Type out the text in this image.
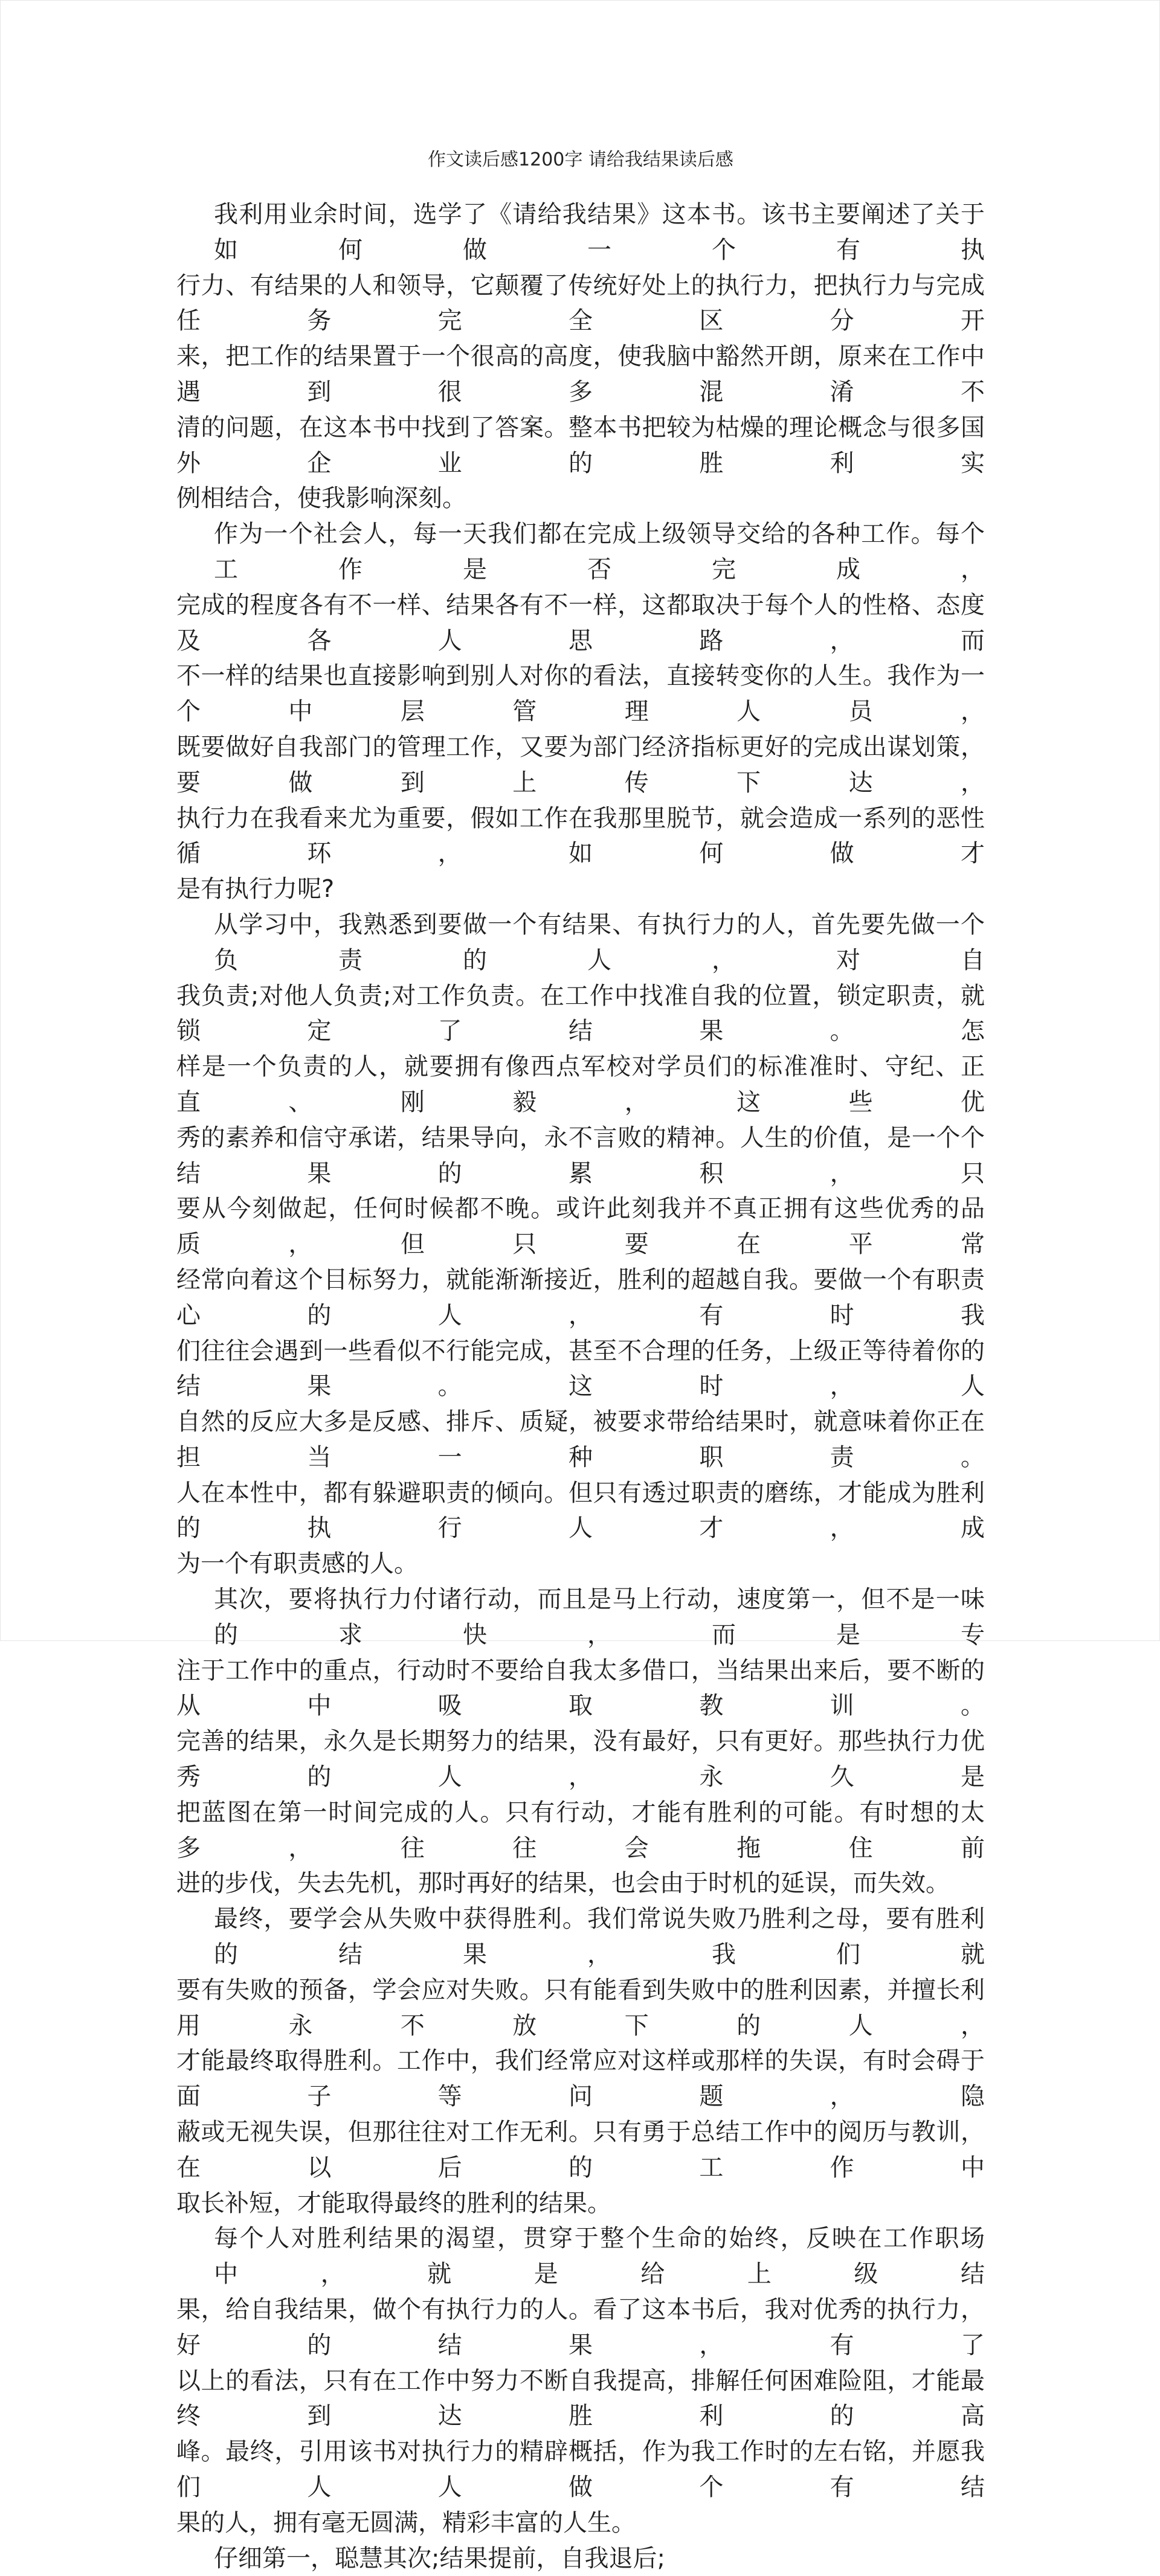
作文读后感1200字 请给我结果读后感
我利用业余时间，选学了《请给我结果》这本书。该书主要阐述了关于如何做一个有执
行力、有结果的人和领导，它颠覆了传统好处上的执行力，把执行力与完成任务完全区分开
来，把工作的结果置于一个很高的高度，使我脑中豁然开朗，原来在工作中遇到很多混淆不
清的问题，在这本书中找到了答案。整本书把较为枯燥的理论概念与很多国外企业的胜利实
例相结合，使我影响深刻。
作为一个社会人，每一天我们都在完成上级领导交给的各种工作。每个工作是否完成，
完成的程度各有不一样、结果各有不一样，这都取决于每个人的性格、态度及各人思路，而
不一样的结果也直接影响到别人对你的看法，直接转变你的人生。我作为一个中层管理人员，
既要做好自我部门的管理工作，又要为部门经济指标更好的完成出谋划策，要做到上传下达，
执行力在我看来尤为重要，假如工作在我那里脱节，就会造成一系列的恶性循环，如何做才
是有执行力呢?
从学习中，我熟悉到要做一个有结果、有执行力的人，首先要先做一个负责的人，对自
我负责;对他人负责;对工作负责。在工作中找准自我的位置，锁定职责，就锁定了结果。怎
样是一个负责的人，就要拥有像西点军校对学员们的标准准时、守纪、正直、刚毅，这些优
秀的素养和信守承诺，结果导向，永不言败的精神。人生的价值，是一个个结果的累积，只
要从今刻做起，任何时候都不晚。或许此刻我并不真正拥有这些优秀的品质，但只要在平常
经常向着这个目标努力，就能渐渐接近，胜利的超越自我。要做一个有职责心的人，有时我
们往往会遇到一些看似不行能完成，甚至不合理的任务，上级正等待着你的结果。这时，人
自然的反应大多是反感、排斥、质疑，被要求带给结果时，就意味着你正在担当一种职责。
人在本性中，都有躲避职责的倾向。但只有透过职责的磨练，才能成为胜利的执行人才，成
为一个有职责感的人。
其次，要将执行力付诸行动，而且是马上行动，速度第一，但不是一味的求快，而是专
注于工作中的重点，行动时不要给自我太多借口，当结果出来后，要不断的从中吸取教训。
完善的结果，永久是长期努力的结果，没有最好，只有更好。那些执行力优秀的人，永久是
把蓝图在第一时间完成的人。只有行动，才能有胜利的可能。有时想的太多，往往会拖住前
进的步伐，失去先机，那时再好的结果，也会由于时机的延误，而失效。
最终，要学会从失败中获得胜利。我们常说失败乃胜利之母，要有胜利的结果，我们就
要有失败的预备，学会应对失败。只有能看到失败中的胜利因素，并擅长利用永不放下的人，
才能最终取得胜利。工作中，我们经常应对这样或那样的失误，有时会碍于面子等问题，隐
蔽或无视失误，但那往往对工作无利。只有勇于总结工作中的阅历与教训，在以后的工作中
取长补短，才能取得最终的胜利的结果。
每个人对胜利结果的渴望，贯穿于整个生命的始终，反映在工作职场中，就是给上级结
果，给自我结果，做个有执行力的人。看了这本书后，我对优秀的执行力，好的结果，有了
以上的看法，只有在工作中努力不断自我提高，排解任何困难险阻，才能最终到达胜利的高
峰。最终，引用该书对执行力的精辟概括，作为我工作时的左右铭，并愿我们人人做个有结
果的人，拥有毫无圆满，精彩丰富的人生。
仔细第一，聪慧其次;结果提前，自我退后;
